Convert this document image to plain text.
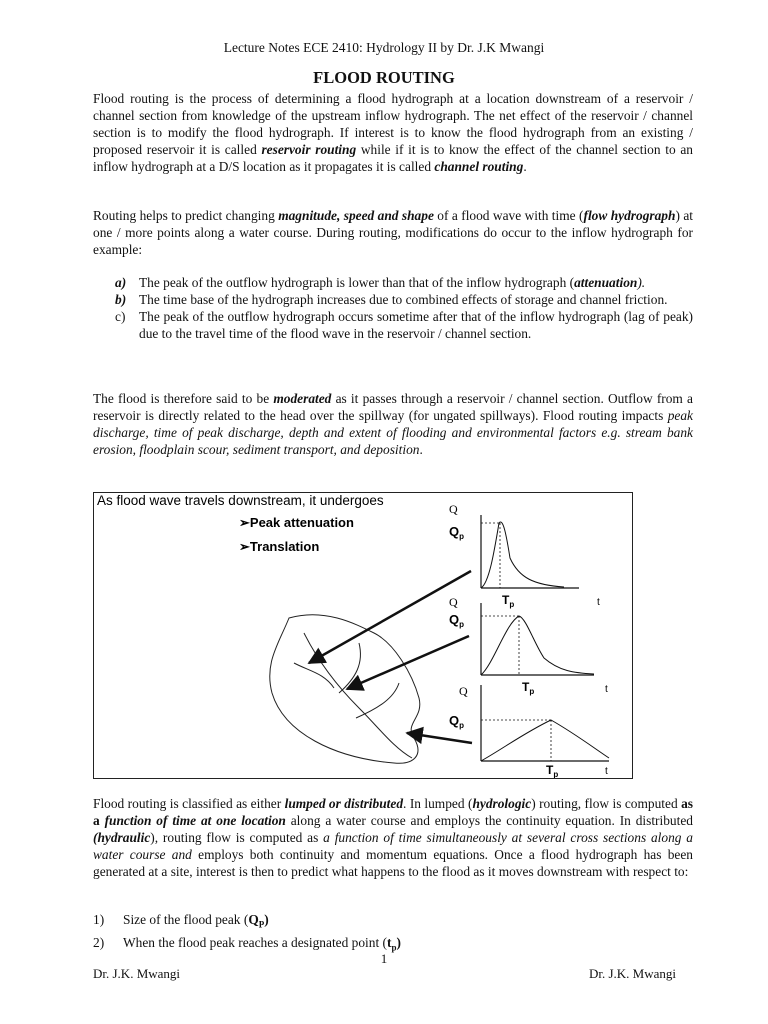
Lecture Notes ECE 2410: Hydrology II by Dr. J.K Mwangi
FLOOD ROUTING
Flood routing is the process of determining a flood hydrograph at a location downstream of a reservoir / channel section from knowledge of the upstream inflow hydrograph. The net effect of the reservoir / channel section is to modify the flood hydrograph. If interest is to know the flood hydrograph from an existing / proposed reservoir it is called reservoir routing while if it is to know the effect of the channel section to an inflow hydrograph at a D/S location as it propagates it is called channel routing.
Routing helps to predict changing magnitude, speed and shape of a flood wave with time (flow hydrograph) at one / more points along a water course. During routing, modifications do occur to the inflow hydrograph for example:
a) The peak of the outflow hydrograph is lower than that of the inflow hydrograph (attenuation).
b) The time base of the hydrograph increases due to combined effects of storage and channel friction.
c) The peak of the outflow hydrograph occurs sometime after that of the inflow hydrograph (lag of peak) due to the travel time of the flood wave in the reservoir / channel section.
The flood is therefore said to be moderated as it passes through a reservoir / channel section. Outflow from a reservoir is directly related to the head over the spillway (for ungated spillways). Flood routing impacts peak discharge, time of peak discharge, depth and extent of flooding and environmental factors e.g. stream bank erosion, floodplain scour, sediment transport, and deposition.
As flood wave travels downstream, it undergoes
➢Peak attenuation
➢Translation
Q
$Q_p$
Q	$T_p$	t
$Q_p$
$T_p$	t
Q
$Q_p$
$T_p$	t
Flood routing is classified as either lumped or distributed. In lumped (hydrologic) routing, flow is computed as a function of time at one location along a water course and employs the continuity equation. In distributed (hydraulic), routing flow is computed as a function of time simultaneously at several cross sections along a water course and employs both continuity and momentum equations. Once a flood hydrograph has been generated at a site, interest is then to predict what happens to the flood as it moves downstream with respect to:
1) Size of the flood peak $(Q_P)$
2) When the flood peak reaches a designated point $(t_p)$
1
Dr. J.K. Mwangi	Dr. J.K. Mwangi
